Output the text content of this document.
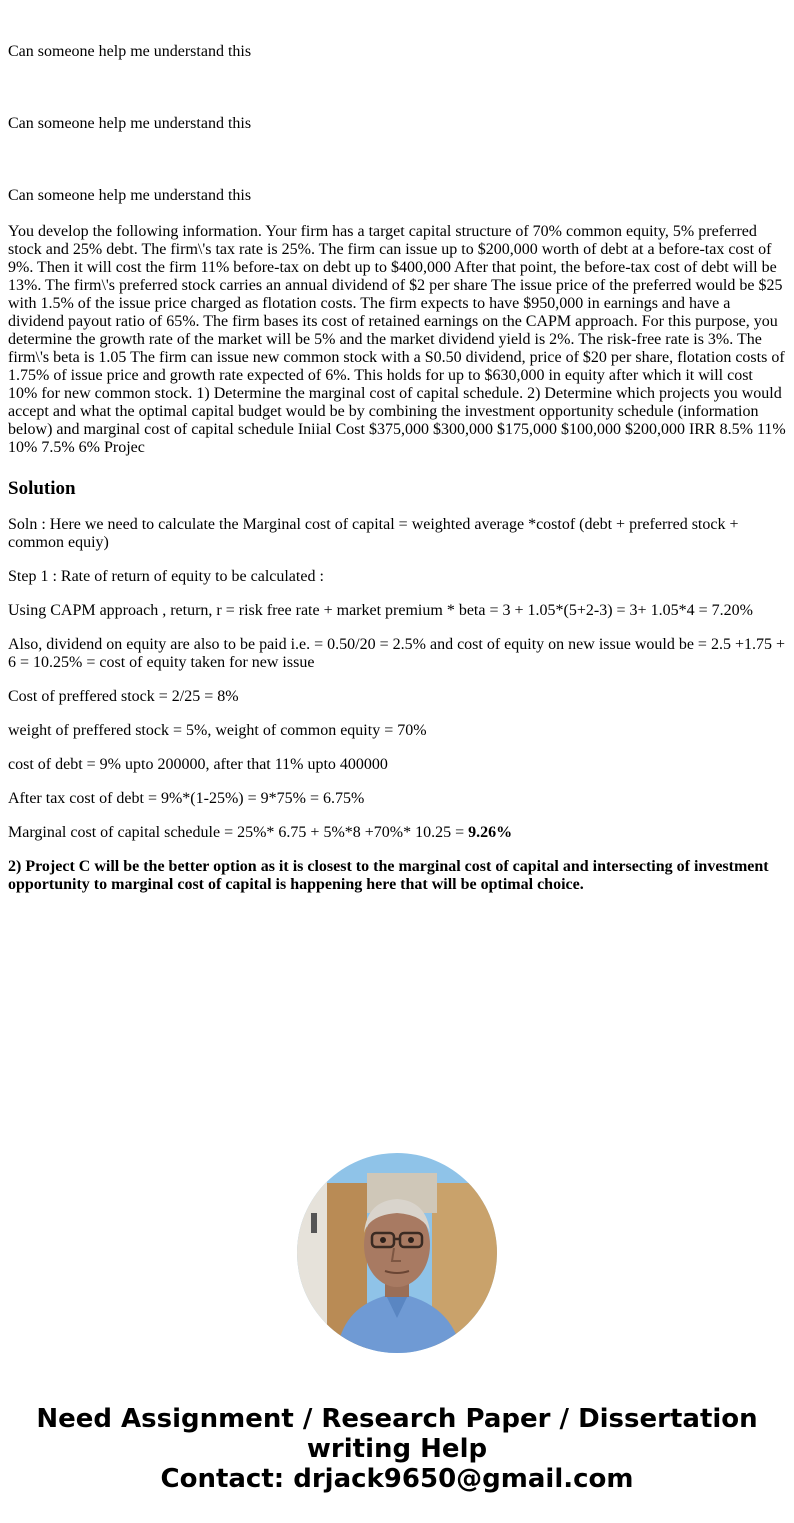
Can someone help me understand this

Can someone help me understand this

Can someone help me understand this

You develop the following information. Your firm has a target capital structure of 70% common equity, 5% preferred stock and 25% debt. The firm\'s tax rate is 25%. The firm can issue up to $200,000 worth of debt at a before-tax cost of 9%. Then it will cost the firm 11% before-tax on debt up to $400,000 After that point, the before-tax cost of debt will be 13%. The firm\'s preferred stock carries an annual dividend of $2 per share The issue price of the preferred would be $25 with 1.5% of the issue price charged as flotation costs. The firm expects to have $950,000 in earnings and have a dividend payout ratio of 65%. The firm bases its cost of retained earnings on the CAPM approach. For this purpose, you determine the growth rate of the market will be 5% and the market dividend yield is 2%. The risk-free rate is 3%. The firm\'s beta is 1.05 The firm can issue new common stock with a S0.50 dividend, price of $20 per share, flotation costs of 1.75% of issue price and growth rate expected of 6%. This holds for up to $630,000 in equity after which it will cost 10% for new common stock. 1) Determine the marginal cost of capital schedule. 2) Determine which projects you would accept and what the optimal capital budget would be by combining the investment opportunity schedule (information below) and marginal cost of capital schedule Iniial Cost $375,000 $300,000 $175,000 $100,000 $200,000 IRR 8.5% 11% 10% 7.5% 6% Projec

Solution

Soln : Here we need to calculate the Marginal cost of capital = weighted average *costof (debt + preferred stock + common equiy)

Step 1 : Rate of return of equity to be calculated :

Using CAPM approach , return, r = risk free rate + market premium * beta = 3 + 1.05*(5+2-3) = 3+ 1.05*4 = 7.20%

Also, dividend on equity are also to be paid i.e. = 0.50/20 = 2.5% and cost of equity on new issue would be = 2.5 +1.75 + 6 = 10.25% = cost of equity taken for new issue

Cost of preffered stock = 2/25 = 8%

weight of preffered stock = 5%, weight of common equity = 70%

cost of debt = 9% upto 200000, after that 11% upto 400000

After tax cost of debt = 9%*(1-25%) = 9*75% = 6.75%

Marginal cost of capital schedule = 25%* 6.75 + 5%*8 +70%* 10.25 = 9.26%

2) Project C will be the better option as it is closest to the marginal cost of capital and intersecting of investment opportunity to marginal cost of capital is happening here that will be optimal choice.

Need Assignment / Research Paper / Dissertation
writing Help
Contact: drjack9650@gmail.com
